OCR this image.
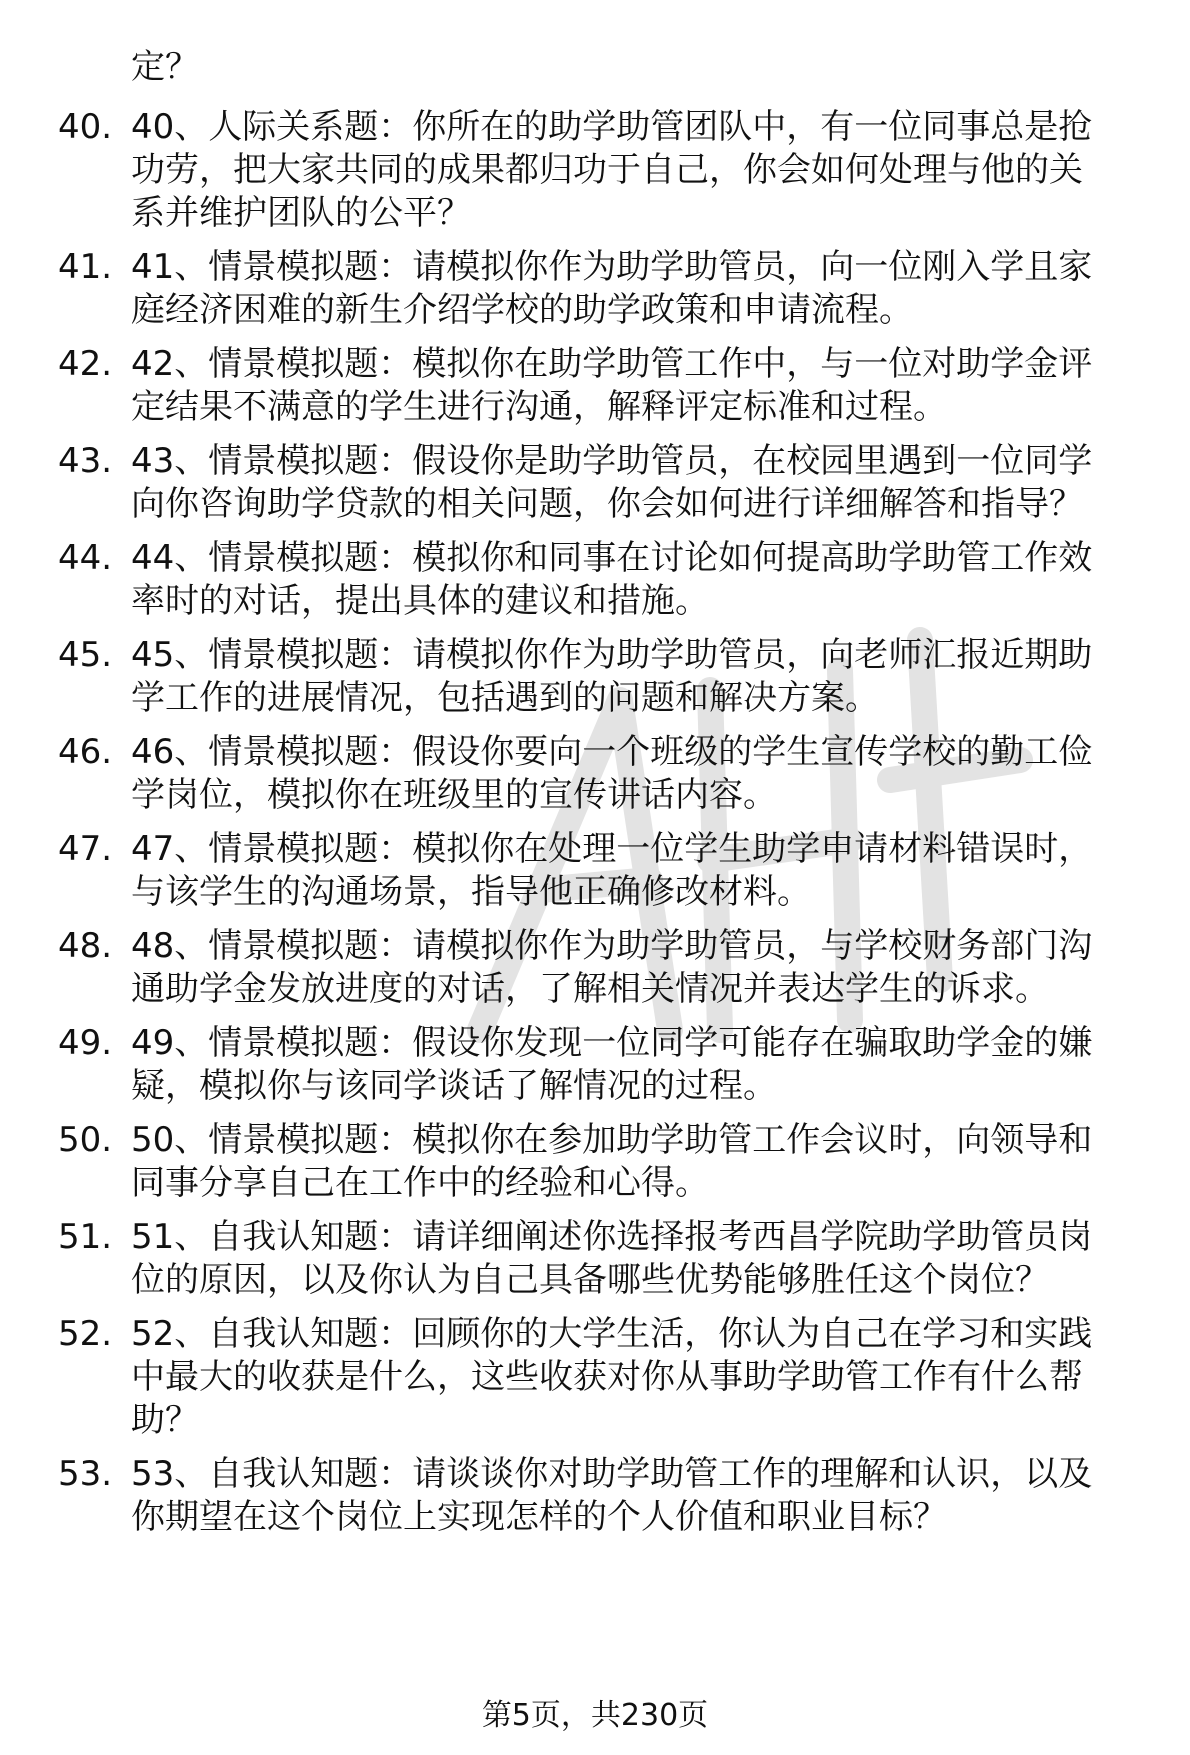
定？
40. 40、人际关系题：你所在的助学助管团队中，有一位同事总是抢
功劳，把大家共同的成果都归功于自己，你会如何处理与他的关
系并维护团队的公平？
41. 41、情景模拟题：请模拟你作为助学助管员，向一位刚入学且家
庭经济困难的新生介绍学校的助学政策和申请流程。
42. 42、情景模拟题：模拟你在助学助管工作中，与一位对助学金评
定结果不满意的学生进行沟通，解释评定标准和过程。
43. 43、情景模拟题：假设你是助学助管员，在校园里遇到一位同学
向你咨询助学贷款的相关问题，你会如何进行详细解答和指导？
44. 44、情景模拟题：模拟你和同事在讨论如何提高助学助管工作效
率时的对话，提出具体的建议和措施。
45. 45、情景模拟题：请模拟你作为助学助管员，向老师汇报近期助
学工作的进展情况，包括遇到的问题和解决方案。
46. 46、情景模拟题：假设你要向一个班级的学生宣传学校的勤工俭
学岗位，模拟你在班级里的宣传讲话内容。
47. 47、情景模拟题：模拟你在处理一位学生助学申请材料错误时，
与该学生的沟通场景，指导他正确修改材料。
48. 48、情景模拟题：请模拟你作为助学助管员，与学校财务部门沟
通助学金发放进度的对话，了解相关情况并表达学生的诉求。
49. 49、情景模拟题：假设你发现一位同学可能存在骗取助学金的嫌
疑，模拟你与该同学谈话了解情况的过程。
50. 50、情景模拟题：模拟你在参加助学助管工作会议时，向领导和
同事分享自己在工作中的经验和心得。
51. 51、自我认知题：请详细阐述你选择报考西昌学院助学助管员岗
位的原因，以及你认为自己具备哪些优势能够胜任这个岗位？
52. 52、自我认知题：回顾你的大学生活，你认为自己在学习和实践
中最大的收获是什么，这些收获对你从事助学助管工作有什么帮
助？
53. 53、自我认知题：请谈谈你对助学助管工作的理解和认识，以及
你期望在这个岗位上实现怎样的个人价值和职业目标？
第5页，共230页
